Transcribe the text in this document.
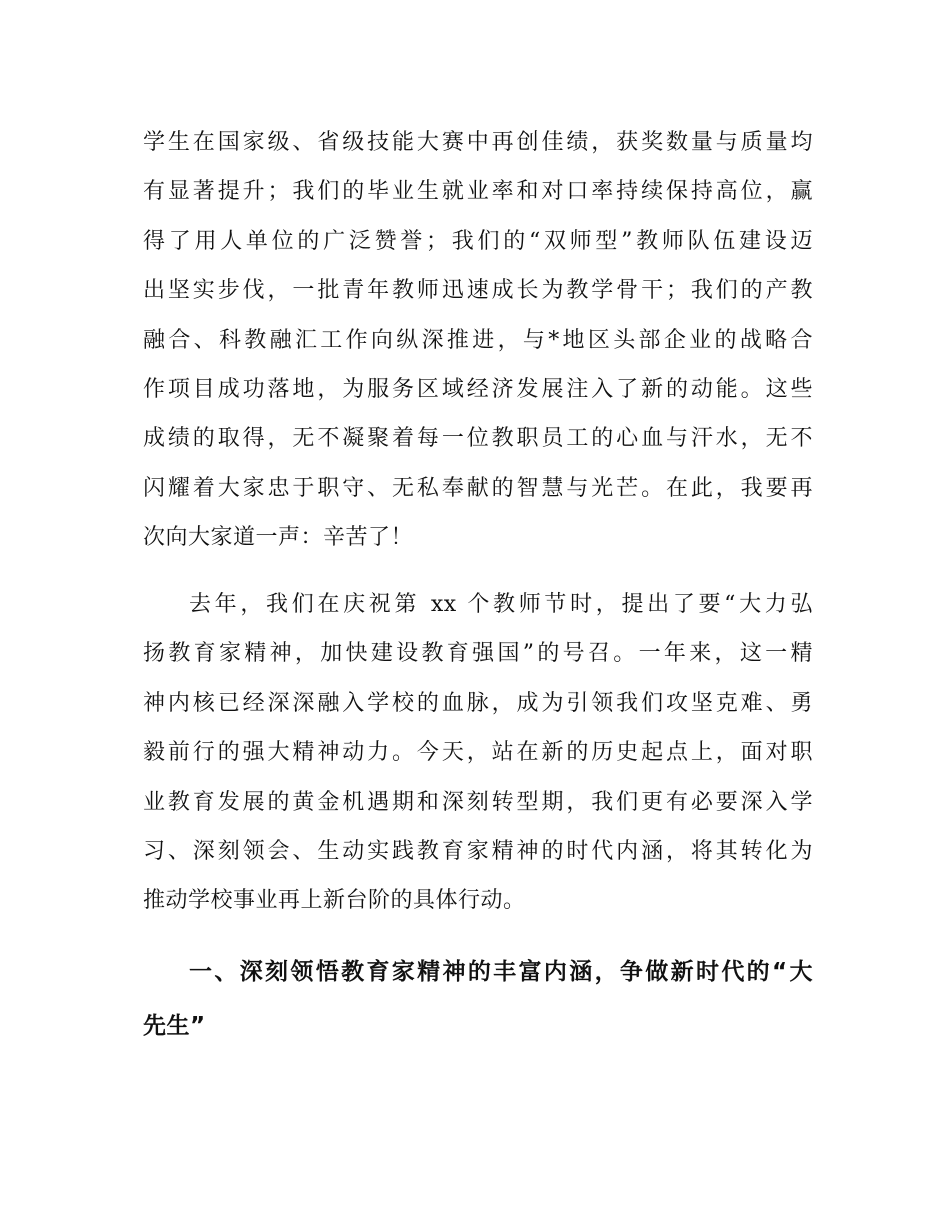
学生在国家级、省级技能大赛中再创佳绩，获奖数量与质量均
有显著提升；我们的毕业生就业率和对口率持续保持高位，赢
得了用人单位的广泛赞誉；我们的“双师型”教师队伍建设迈
出坚实步伐，一批青年教师迅速成长为教学骨干；我们的产教
融合、科教融汇工作向纵深推进，与*地区头部企业的战略合
作项目成功落地，为服务区域经济发展注入了新的动能。这些
成绩的取得，无不凝聚着每一位教职员工的心血与汗水，无不
闪耀着大家忠于职守、无私奉献的智慧与光芒。在此，我要再
次向大家道一声：辛苦了！
去年，我们在庆祝第 xx 个教师节时，提出了要“大力弘
扬教育家精神，加快建设教育强国”的号召。一年来，这一精
神内核已经深深融入学校的血脉，成为引领我们攻坚克难、勇
毅前行的强大精神动力。今天，站在新的历史起点上，面对职
业教育发展的黄金机遇期和深刻转型期，我们更有必要深入学
习、深刻领会、生动实践教育家精神的时代内涵，将其转化为
推动学校事业再上新台阶的具体行动。
一、深刻领悟教育家精神的丰富内涵，争做新时代的“大
先生”
